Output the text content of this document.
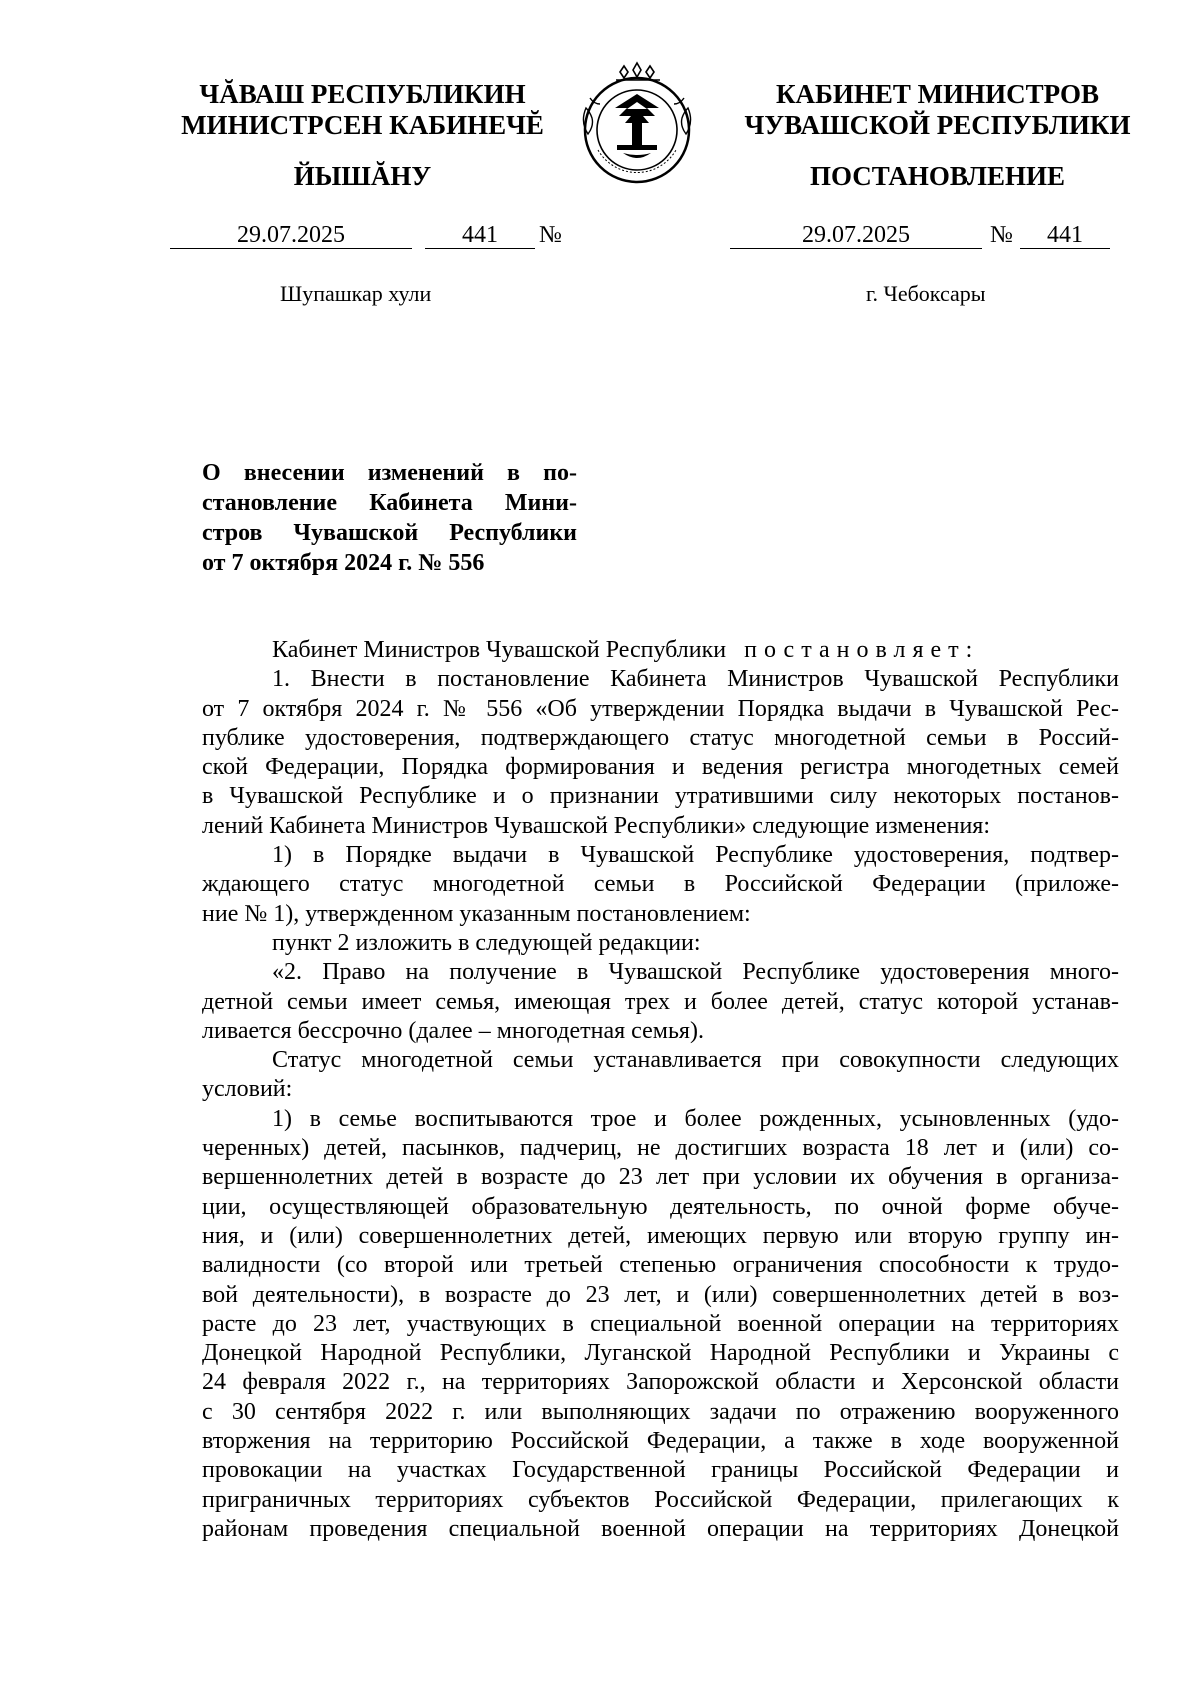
ЧĂВАШ РЕСПУБЛИКИН
МИНИСТРСЕН КАБИНЕЧĔ
ЙЫШĂНУ
КАБИНЕТ МИНИСТРОВ
ЧУВАШСКОЙ РЕСПУБЛИКИ
ПОСТАНОВЛЕНИЕ
29.07.2025	441	№	29.07.2025	№	441
Шупашкар хули	г. Чебоксары
О внесении изменений в по-
становление Кабинета Мини-
стров Чувашской Республики
от 7 октября 2024 г. № 556
Кабинет Министров Чувашской Республики постановляет:
1. Внести в постановление Кабинета Министров Чувашской Республики
от 7 октября 2024 г. № 556 «Об утверждении Порядка выдачи в Чувашской Рес-
публике удостоверения, подтверждающего статус многодетной семьи в Россий-
ской Федерации, Порядка формирования и ведения регистра многодетных семей
в Чувашской Республике и о признании утратившими силу некоторых постанов-
лений Кабинета Министров Чувашской Республики» следующие изменения:
1) в Порядке выдачи в Чувашской Республике удостоверения, подтвер-
ждающего статус многодетной семьи в Российской Федерации (приложе-
ние № 1), утвержденном указанным постановлением:
пункт 2 изложить в следующей редакции:
«2. Право на получение в Чувашской Республике удостоверения много-
детной семьи имеет семья, имеющая трех и более детей, статус которой устанав-
ливается бессрочно (далее – многодетная семья).
Статус многодетной семьи устанавливается при совокупности следующих
условий:
1) в семье воспитываются трое и более рожденных, усыновленных (удо-
черенных) детей, пасынков, падчериц, не достигших возраста 18 лет и (или) со-
вершеннолетних детей в возрасте до 23 лет при условии их обучения в организа-
ции, осуществляющей образовательную деятельность, по очной форме обуче-
ния, и (или) совершеннолетних детей, имеющих первую или вторую группу ин-
валидности (со второй или третьей степенью ограничения способности к трудо-
вой деятельности), в возрасте до 23 лет, и (или) совершеннолетних детей в воз-
расте до 23 лет, участвующих в специальной военной операции на территориях
Донецкой Народной Республики, Луганской Народной Республики и Украины с
24 февраля 2022 г., на территориях Запорожской области и Херсонской области
с 30 сентября 2022 г. или выполняющих задачи по отражению вооруженного
вторжения на территорию Российской Федерации, а также в ходе вооруженной
провокации на участках Государственной границы Российской Федерации и
приграничных территориях субъектов Российской Федерации, прилегающих к
районам проведения специальной военной операции на территориях Донецкой
